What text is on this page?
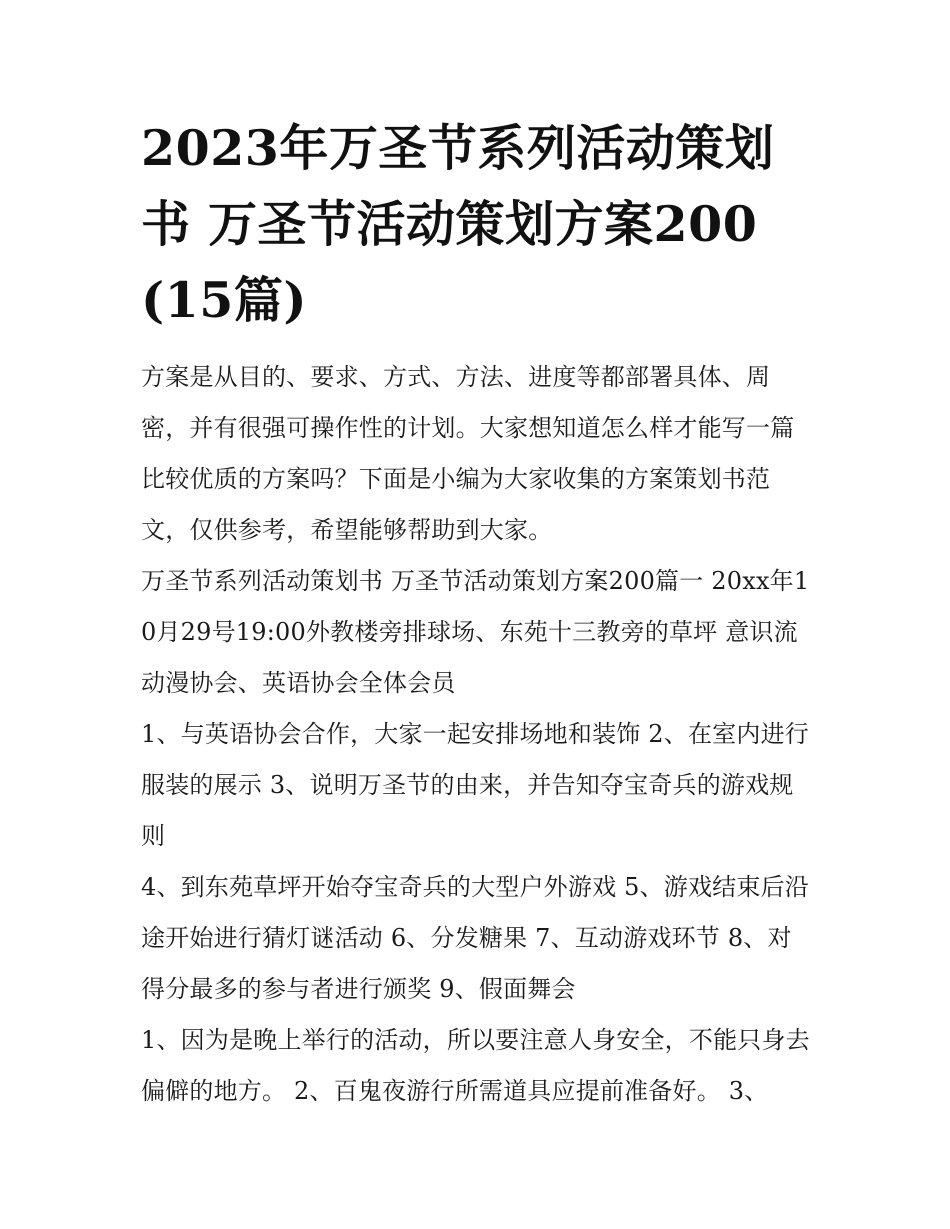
2023年万圣节系列活动策划书 万圣节活动策划方案200(15篇)

方案是从目的、要求、方式、方法、进度等都部署具体、周密，并有很强可操作性的计划。大家想知道怎么样才能写一篇比较优质的方案吗？下面是小编为大家收集的方案策划书范文，仅供参考，希望能够帮助到大家。

万圣节系列活动策划书 万圣节活动策划方案200篇一 20xx年10月29号19:00外教楼旁排球场、东苑十三教旁的草坪 意识流动漫协会、英语协会全体会员

1、与英语协会合作，大家一起安排场地和装饰 2、在室内进行服装的展示 3、说明万圣节的由来，并告知夺宝奇兵的游戏规则

4、到东苑草坪开始夺宝奇兵的大型户外游戏 5、游戏结束后沿途开始进行猜灯谜活动 6、分发糖果 7、互动游戏环节 8、对得分最多的参与者进行颁奖 9、假面舞会

1、因为是晚上举行的活动，所以要注意人身安全，不能只身去偏僻的地方。 2、百鬼夜游行所需道具应提前准备好。 3、
